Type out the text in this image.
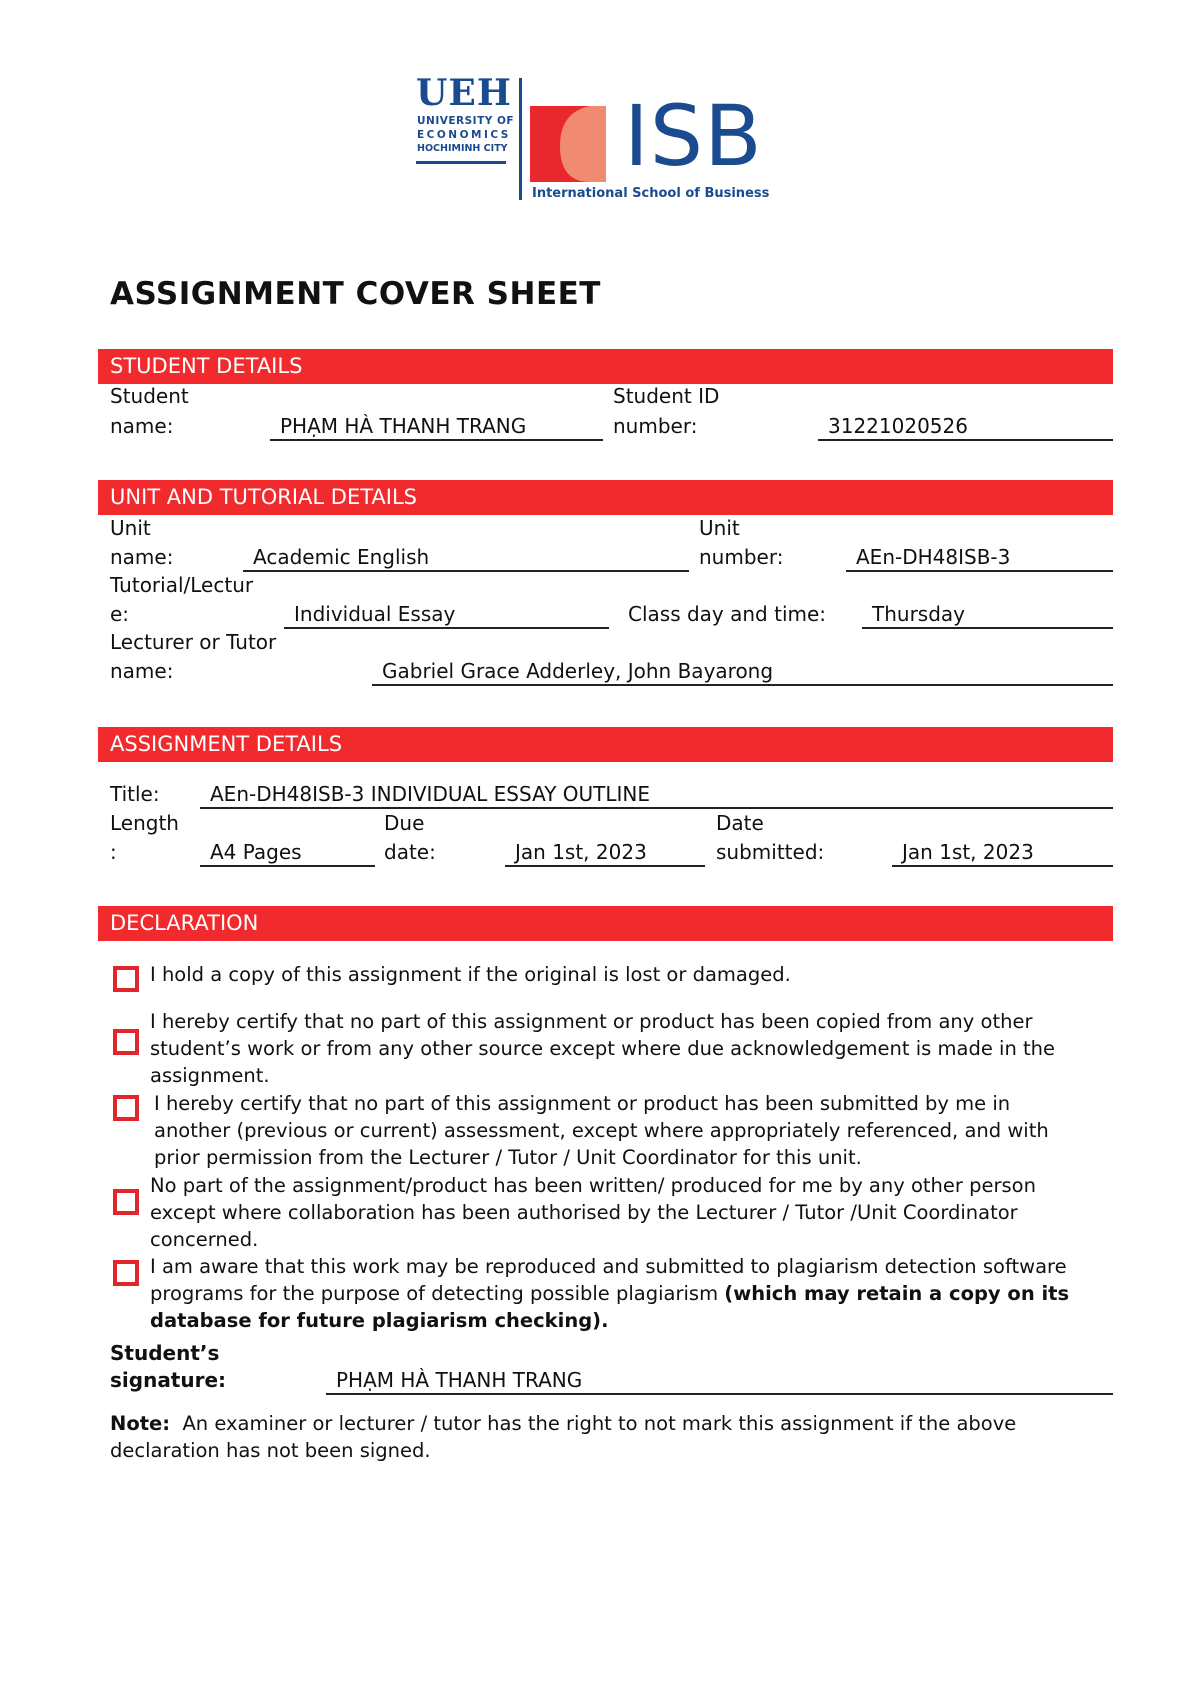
UEH
UNIVERSITY OF
ECONOMICS
HOCHIMINH CITY ISB
International School of Business
ASSIGNMENT COVER SHEET
STUDENT DETAILS
Student
name:	PHẠM HÀ THANH TRANG
Student ID
number:	31221020526
UNIT AND TUTORIAL DETAILS
Unit
name:	Academic English
Unit
number:	AEn-DH48ISB-3
Tutorial/Lectur
e:	Individual Essay	Class day and time:	Thursday
Lecturer or Tutor
name:	Gabriel Grace Adderley, John Bayarong
ASSIGNMENT DETAILS
Title:	AEn-DH48ISB-3 INDIVIDUAL ESSAY OUTLINE
Length
:	A4 Pages
Due
date:	Jan 1st, 2023
Date
submitted:	Jan 1st, 2023
DECLARATION
I hold a copy of this assignment if the original is lost or damaged.
I hereby certify that no part of this assignment or product has been copied from any other student’s work or from any other source except where due acknowledgement is made in the assignment.
I hereby certify that no part of this assignment or product has been submitted by me in another (previous or current) assessment, except where appropriately referenced, and with prior permission from the Lecturer / Tutor / Unit Coordinator for this unit.
No part of the assignment/product has been written/ produced for me by any other person except where collaboration has been authorised by the Lecturer / Tutor /Unit Coordinator concerned.
I am aware that this work may be reproduced and submitted to plagiarism detection software programs for the purpose of detecting possible plagiarism (which may retain a copy on its database for future plagiarism checking).
Student’s
signature:	PHẠM HÀ THANH TRANG
Note: An examiner or lecturer / tutor has the right to not mark this assignment if the above declaration has not been signed.
